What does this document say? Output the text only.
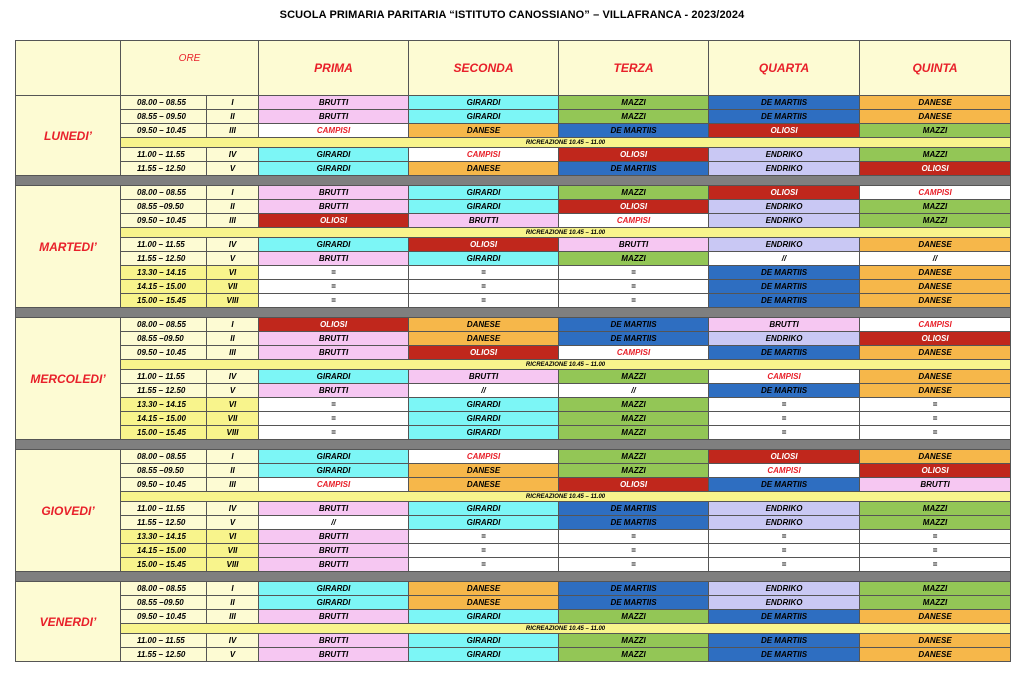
SCUOLA PRIMARIA PARITARIA “ISTITUTO CANOSSIANO” – VILLAFRANCA - 2023/2024
	ORE		PRIMA	SECONDA	TERZA	QUARTA	QUINTA
LUNEDI’	08.00 – 08.55	I	BRUTTI	GIRARDI	MAZZI	DE MARTIIS	DANESE
	08.55 – 09.50	II	BRUTTI	GIRARDI	MAZZI	DE MARTIIS	DANESE
	09.50 – 10.45	III	CAMPISI	DANESE	DE MARTIIS	OLIOSI	MAZZI
	RICREAZIONE 10.45 – 11.00						
	11.00 – 11.55	IV	GIRARDI	CAMPISI	OLIOSI	ENDRIKO	MAZZI
	11.55 – 12.50	V	GIRARDI	DANESE	DE MARTIIS	ENDRIKO	OLIOSI

MARTEDI’	08.00 – 08.55	I	BRUTTI	GIRARDI	MAZZI	OLIOSI	CAMPISI
	08.55 –09.50	II	BRUTTI	GIRARDI	OLIOSI	ENDRIKO	MAZZI
	09.50 – 10.45	III	OLIOSI	BRUTTI	CAMPISI	ENDRIKO	MAZZI
	RICREAZIONE 10.45 – 11.00						
	11.00 – 11.55	IV	GIRARDI	OLIOSI	BRUTTI	ENDRIKO	DANESE
	11.55 – 12.50	V	BRUTTI	GIRARDI	MAZZI	//	//
	13.30 – 14.15	VI	=	=	=	DE MARTIIS	DANESE
	14.15 – 15.00	VII	=	=	=	DE MARTIIS	DANESE
	15.00 – 15.45	VIII	=	=	=	DE MARTIIS	DANESE

MERCOLEDI’	08.00 – 08.55	I	OLIOSI	DANESE	DE MARTIIS	BRUTTI	CAMPISI
	08.55 –09.50	II	BRUTTI	DANESE	DE MARTIIS	ENDRIKO	OLIOSI
	09.50 – 10.45	III	BRUTTI	OLIOSI	CAMPISI	DE MARTIIS	DANESE
	RICREAZIONE 10.45 – 11.00						
	11.00 – 11.55	IV	GIRARDI	BRUTTI	MAZZI	CAMPISI	DANESE
	11.55 – 12.50	V	BRUTTI	//	//	DE MARTIIS	DANESE
	13.30 – 14.15	VI	=	GIRARDI	MAZZI	=	=
	14.15 – 15.00	VII	=	GIRARDI	MAZZI	=	=
	15.00 – 15.45	VIII	=	GIRARDI	MAZZI	=	=

GIOVEDI’	08.00 – 08.55	I	GIRARDI	CAMPISI	MAZZI	OLIOSI	DANESE
	08.55 –09.50	II	GIRARDI	DANESE	MAZZI	CAMPISI	OLIOSI
	09.50 – 10.45	III	CAMPISI	DANESE	OLIOSI	DE MARTIIS	BRUTTI
	RICREAZIONE 10.45 – 11.00						
	11.00 – 11.55	IV	BRUTTI	GIRARDI	DE MARTIIS	ENDRIKO	MAZZI
	11.55 – 12.50	V	//	GIRARDI	DE MARTIIS	ENDRIKO	MAZZI
	13.30 – 14.15	VI	BRUTTI	=	=	=	=
	14.15 – 15.00	VII	BRUTTI	=	=	=	=
	15.00 – 15.45	VIII	BRUTTI	=	=	=	=

VENERDI’	08.00 – 08.55	I	GIRARDI	DANESE	DE MARTIIS	ENDRIKO	MAZZI
	08.55 –09.50	II	GIRARDI	DANESE	DE MARTIIS	ENDRIKO	MAZZI
	09.50 – 10.45	III	BRUTTI	GIRARDI	MAZZI	DE MARTIIS	DANESE
	RICREAZIONE 10.45 – 11.00						
	11.00 – 11.55	IV	BRUTTI	GIRARDI	MAZZI	DE MARTIIS	DANESE
	11.55 – 12.50	V	BRUTTI	GIRARDI	MAZZI	DE MARTIIS	DANESE
